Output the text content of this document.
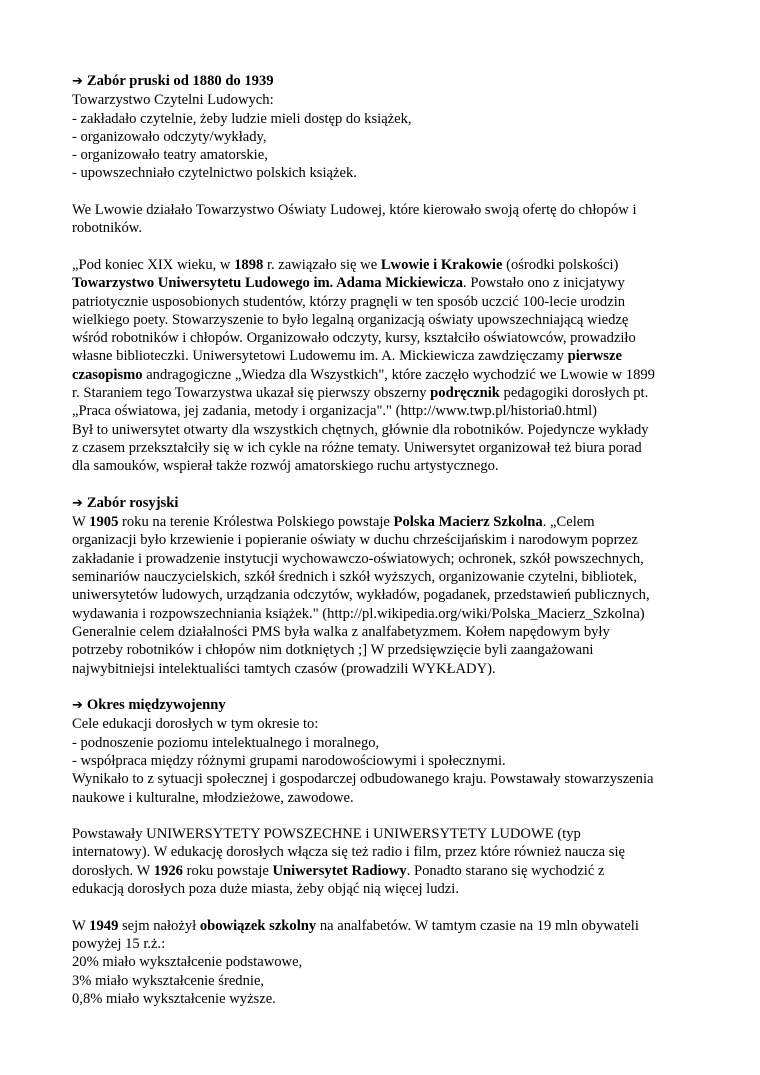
➔ Zabór pruski od 1880 do 1939
Towarzystwo Czytelni Ludowych:
- zakładało czytelnie, żeby ludzie mieli dostęp do książek,
- organizowało odczyty/wykłady,
- organizowało teatry amatorskie,
- upowszechniało czytelnictwo polskich książek.
We Lwowie działało Towarzystwo Oświaty Ludowej, które kierowało swoją ofertę do chłopów i
robotników.
„Pod koniec XIX wieku, w 1898 r. zawiązało się we Lwowie i Krakowie (ośrodki polskości)
Towarzystwo Uniwersytetu Ludowego im. Adama Mickiewicza. Powstało ono z inicjatywy
patriotycznie usposobionych studentów, którzy pragnęli w ten sposób uczcić 100-lecie urodzin
wielkiego poety. Stowarzyszenie to było legalną organizacją oświaty upowszechniającą wiedzę
wśród robotników i chłopów. Organizowało odczyty, kursy, kształciło oświatowców, prowadziło
własne biblioteczki. Uniwersytetowi Ludowemu im. A. Mickiewicza zawdzięczamy pierwsze
czasopismo andragogiczne „Wiedza dla Wszystkich", które zaczęło wychodzić we Lwowie w 1899
r. Staraniem tego Towarzystwa ukazał się pierwszy obszerny podręcznik pedagogiki dorosłych pt.
„Praca oświatowa, jej zadania, metody i organizacja"." (http://www.twp.pl/historia0.html)
Był to uniwersytet otwarty dla wszystkich chętnych, głównie dla robotników. Pojedyncze wykłady
z czasem przekształciły się w ich cykle na różne tematy. Uniwersytet organizował też biura porad
dla samouków, wspierał także rozwój amatorskiego ruchu artystycznego.
➔ Zabór rosyjski
W 1905 roku na terenie Królestwa Polskiego powstaje Polska Macierz Szkolna. „Celem
organizacji było krzewienie i popieranie oświaty w duchu chrześcijańskim i narodowym poprzez
zakładanie i prowadzenie instytucji wychowawczo-oświatowych; ochronek, szkół powszechnych,
seminariów nauczycielskich, szkół średnich i szkół wyższych, organizowanie czytelni, bibliotek,
uniwersytetów ludowych, urządzania odczytów, wykładów, pogadanek, przedstawień publicznych,
wydawania i rozpowszechniania książek." (http://pl.wikipedia.org/wiki/Polska_Macierz_Szkolna)
Generalnie celem działalności PMS była walka z analfabetyzmem. Kołem napędowym były
potrzeby robotników i chłopów nim dotkniętych ;] W przedsięwzięcie byli zaangażowani
najwybitniejsi intelektualiści tamtych czasów (prowadzili WYKŁADY).
➔ Okres międzywojenny
Cele edukacji dorosłych w tym okresie to:
- podnoszenie poziomu intelektualnego i moralnego,
- współpraca między różnymi grupami narodowościowymi i społecznymi.
Wynikało to z sytuacji społecznej i gospodarczej odbudowanego kraju. Powstawały stowarzyszenia
naukowe i kulturalne, młodzieżowe, zawodowe.
Powstawały UNIWERSYTETY POWSZECHNE i UNIWERSYTETY LUDOWE (typ
internatowy). W edukację dorosłych włącza się też radio i film, przez które również naucza się
dorosłych. W 1926 roku powstaje Uniwersytet Radiowy. Ponadto starano się wychodzić z
edukacją dorosłych poza duże miasta, żeby objąć nią więcej ludzi.
W 1949 sejm nałożył obowiązek szkolny na analfabetów. W tamtym czasie na 19 mln obywateli
powyżej 15 r.ż.:
20% miało wykształcenie podstawowe,
3% miało wykształcenie średnie,
0,8% miało wykształcenie wyższe.
